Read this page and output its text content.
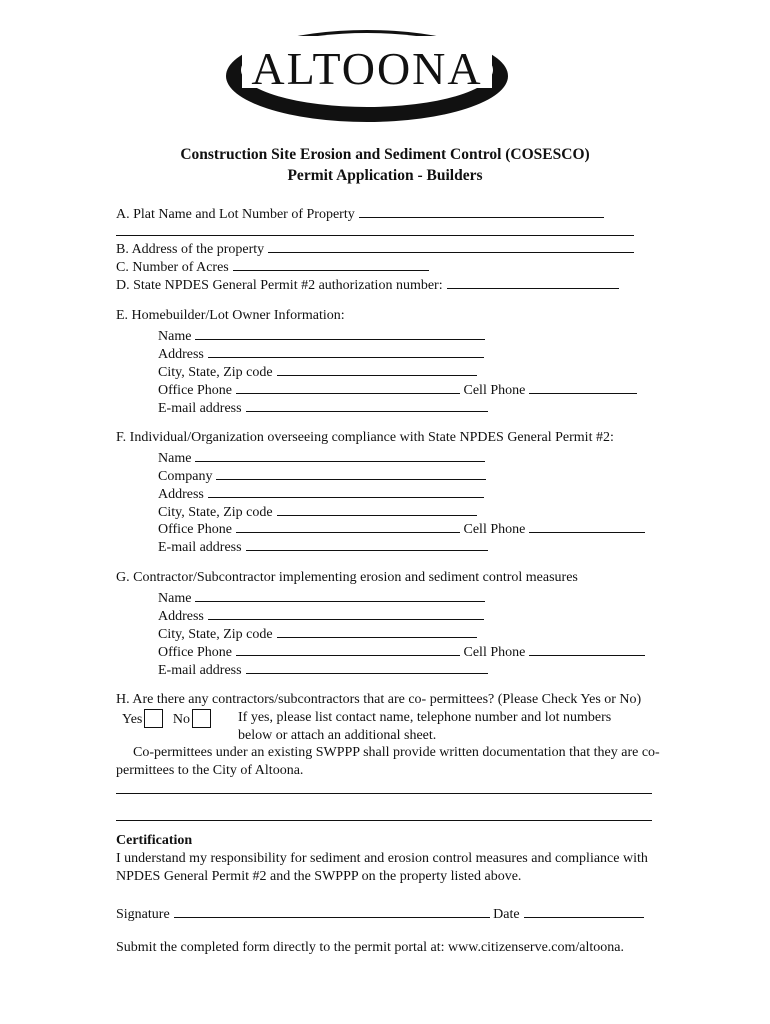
ALTOONA
Construction Site Erosion and Sediment Control (COSESCO)
Permit Application - Builders
A. Plat Name and Lot Number of Property
B. Address of the property
C. Number of Acres
D. State NPDES General Permit #2 authorization number:
E. Homebuilder/Lot Owner Information:
Name
Address
City, State, Zip code
Office Phone	Cell Phone
E-mail address
F. Individual/Organization overseeing compliance with State NPDES General Permit #2:
Name
Company
Address
City, State, Zip code
Office Phone	Cell Phone
E-mail address
G. Contractor/Subcontractor implementing erosion and sediment control measures
Name
Address
City, State, Zip code
Office Phone	Cell Phone
E-mail address
H. Are there any contractors/subcontractors that are co- permittees? (Please Check Yes or No)
Yes No	If yes, please list contact name, telephone number and lot numbers
below or attach an additional sheet.
Co-permittees under an existing SWPPP shall provide written documentation that they are co-
permittees to the City of Altoona.
Certification
I understand my responsibility for sediment and erosion control measures and compliance with
NPDES General Permit #2 and the SWPPP on the property listed above.
Signature	Date
Submit the completed form directly to the permit portal at: www.citizenserve.com/altoona.
